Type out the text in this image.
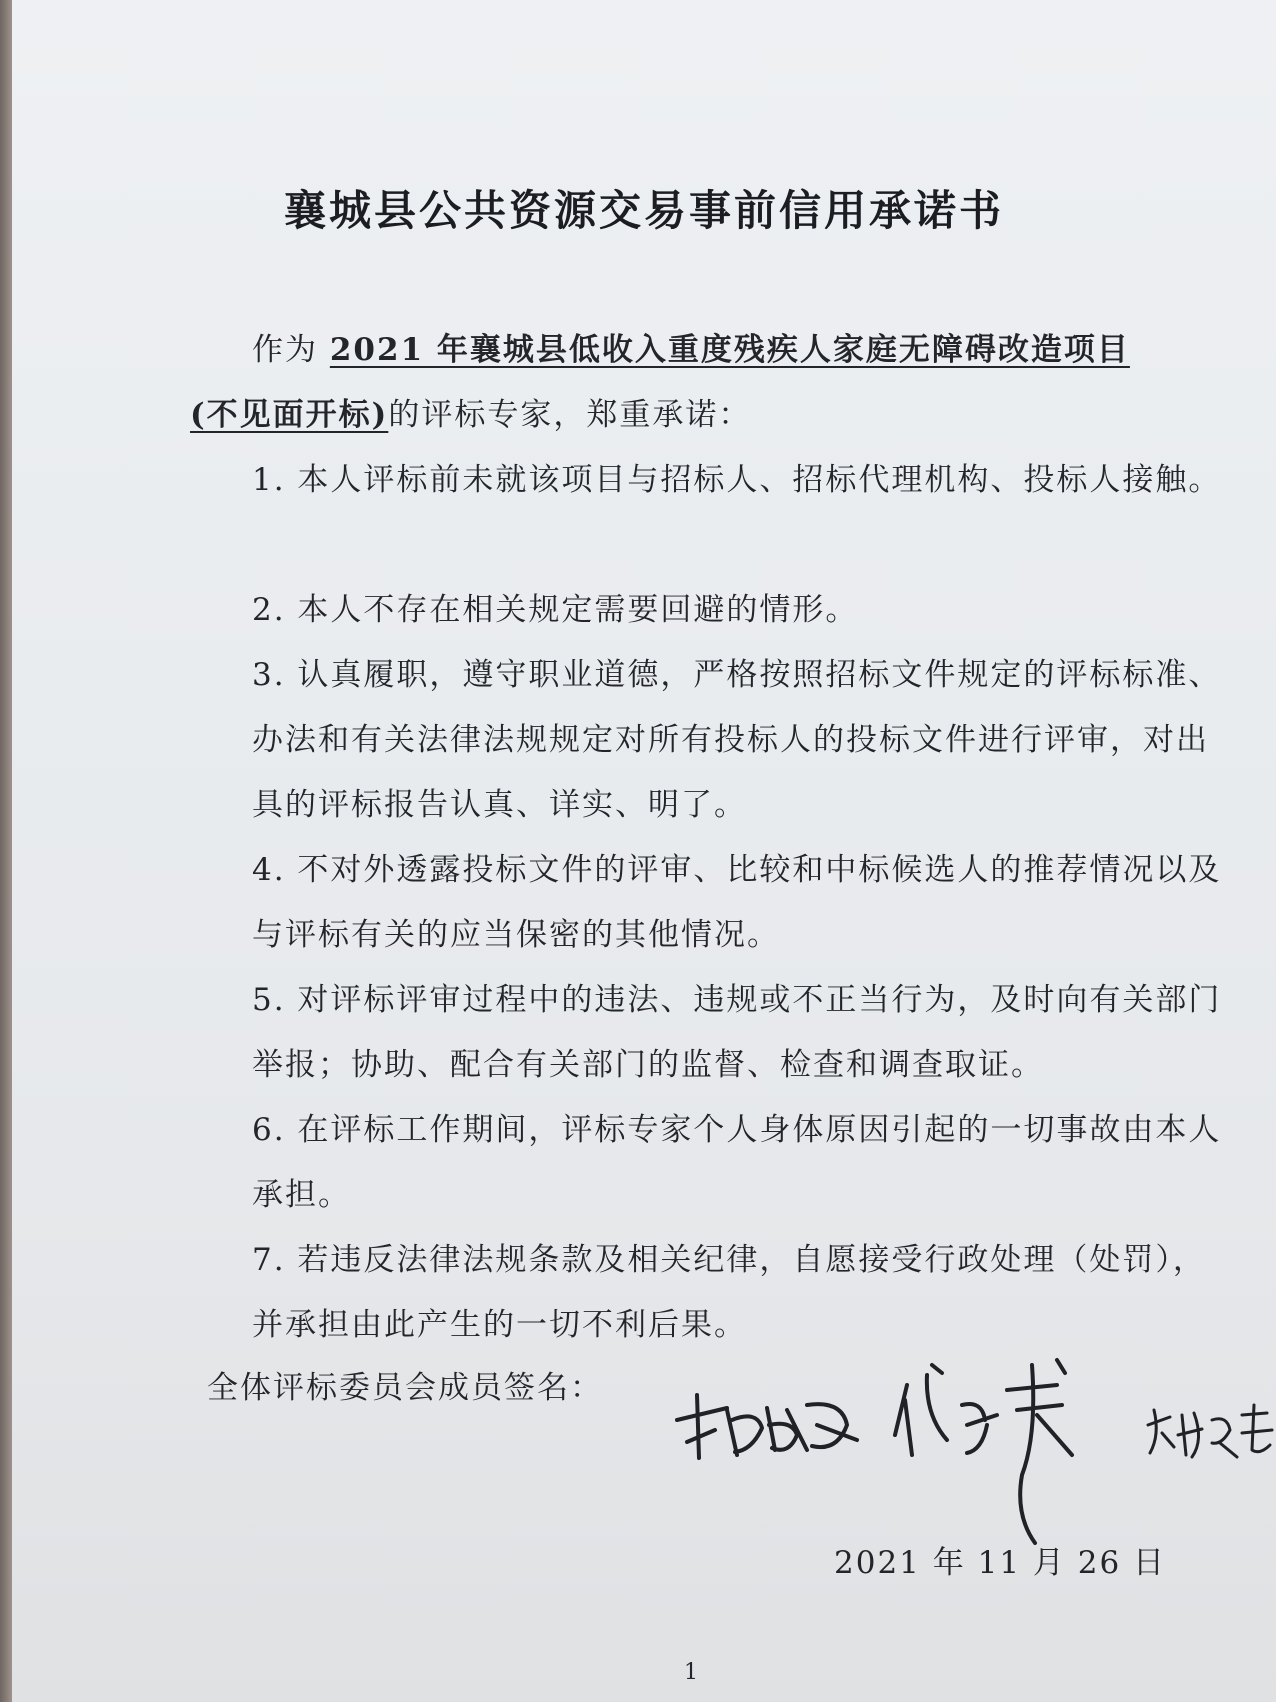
襄城县公共资源交易事前信用承诺书
作为 2021 年襄城县低收入重度残疾人家庭无障碍改造项目
(不见面开标)的评标专家，郑重承诺：
1. 本人评标前未就该项目与招标人、招标代理机构、投标人接触。
2. 本人不存在相关规定需要回避的情形。
3. 认真履职，遵守职业道德，严格按照招标文件规定的评标标准、办法和有关法律法规规定对所有投标人的投标文件进行评审，对出具的评标报告认真、详实、明了。
4. 不对外透露投标文件的评审、比较和中标候选人的推荐情况以及与评标有关的应当保密的其他情况。
5. 对评标评审过程中的违法、违规或不正当行为，及时向有关部门举报；协助、配合有关部门的监督、检查和调查取证。
6. 在评标工作期间，评标专家个人身体原因引起的一切事故由本人承担。
7. 若违反法律法规条款及相关纪律，自愿接受行政处理（处罚），并承担由此产生的一切不利后果。
全体评标委员会成员签名：
2021 年 11 月 26 日
1
